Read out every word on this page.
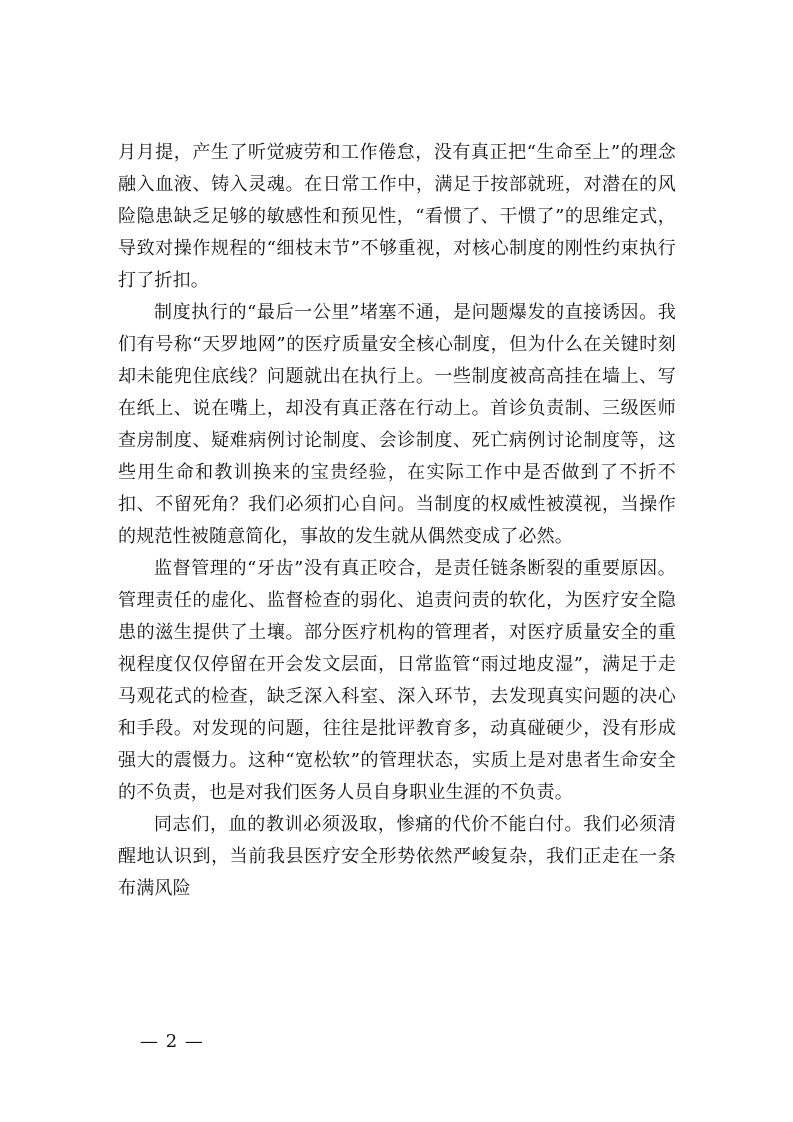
月月提，产生了听觉疲劳和工作倦怠，没有真正把“生命至上”的理念融入血液、铸入灵魂。在日常工作中，满足于按部就班，对潜在的风险隐患缺乏足够的敏感性和预见性，“看惯了、干惯了”的思维定式，导致对操作规程的“细枝末节”不够重视，对核心制度的刚性约束执行打了折扣。

制度执行的“最后一公里”堵塞不通，是问题爆发的直接诱因。我们有号称“天罗地网”的医疗质量安全核心制度，但为什么在关键时刻却未能兜住底线？问题就出在执行上。一些制度被高高挂在墙上、写在纸上、说在嘴上，却没有真正落在行动上。首诊负责制、三级医师查房制度、疑难病例讨论制度、会诊制度、死亡病例讨论制度等，这些用生命和教训换来的宝贵经验，在实际工作中是否做到了不折不扣、不留死角？我们必须扪心自问。当制度的权威性被漠视，当操作的规范性被随意简化，事故的发生就从偶然变成了必然。

监督管理的“牙齿”没有真正咬合，是责任链条断裂的重要原因。管理责任的虚化、监督检查的弱化、追责问责的软化，为医疗安全隐患的滋生提供了土壤。部分医疗机构的管理者，对医疗质量安全的重视程度仅仅停留在开会发文层面，日常监管“雨过地皮湿”，满足于走马观花式的检查，缺乏深入科室、深入环节，去发现真实问题的决心和手段。对发现的问题，往往是批评教育多，动真碰硬少，没有形成强大的震慑力。这种“宽松软”的管理状态，实质上是对患者生命安全的不负责，也是对我们医务人员自身职业生涯的不负责。

同志们，血的教训必须汲取，惨痛的代价不能白付。我们必须清醒地认识到，当前我县医疗安全形势依然严峻复杂，我们正走在一条布满风险

— 2 —
